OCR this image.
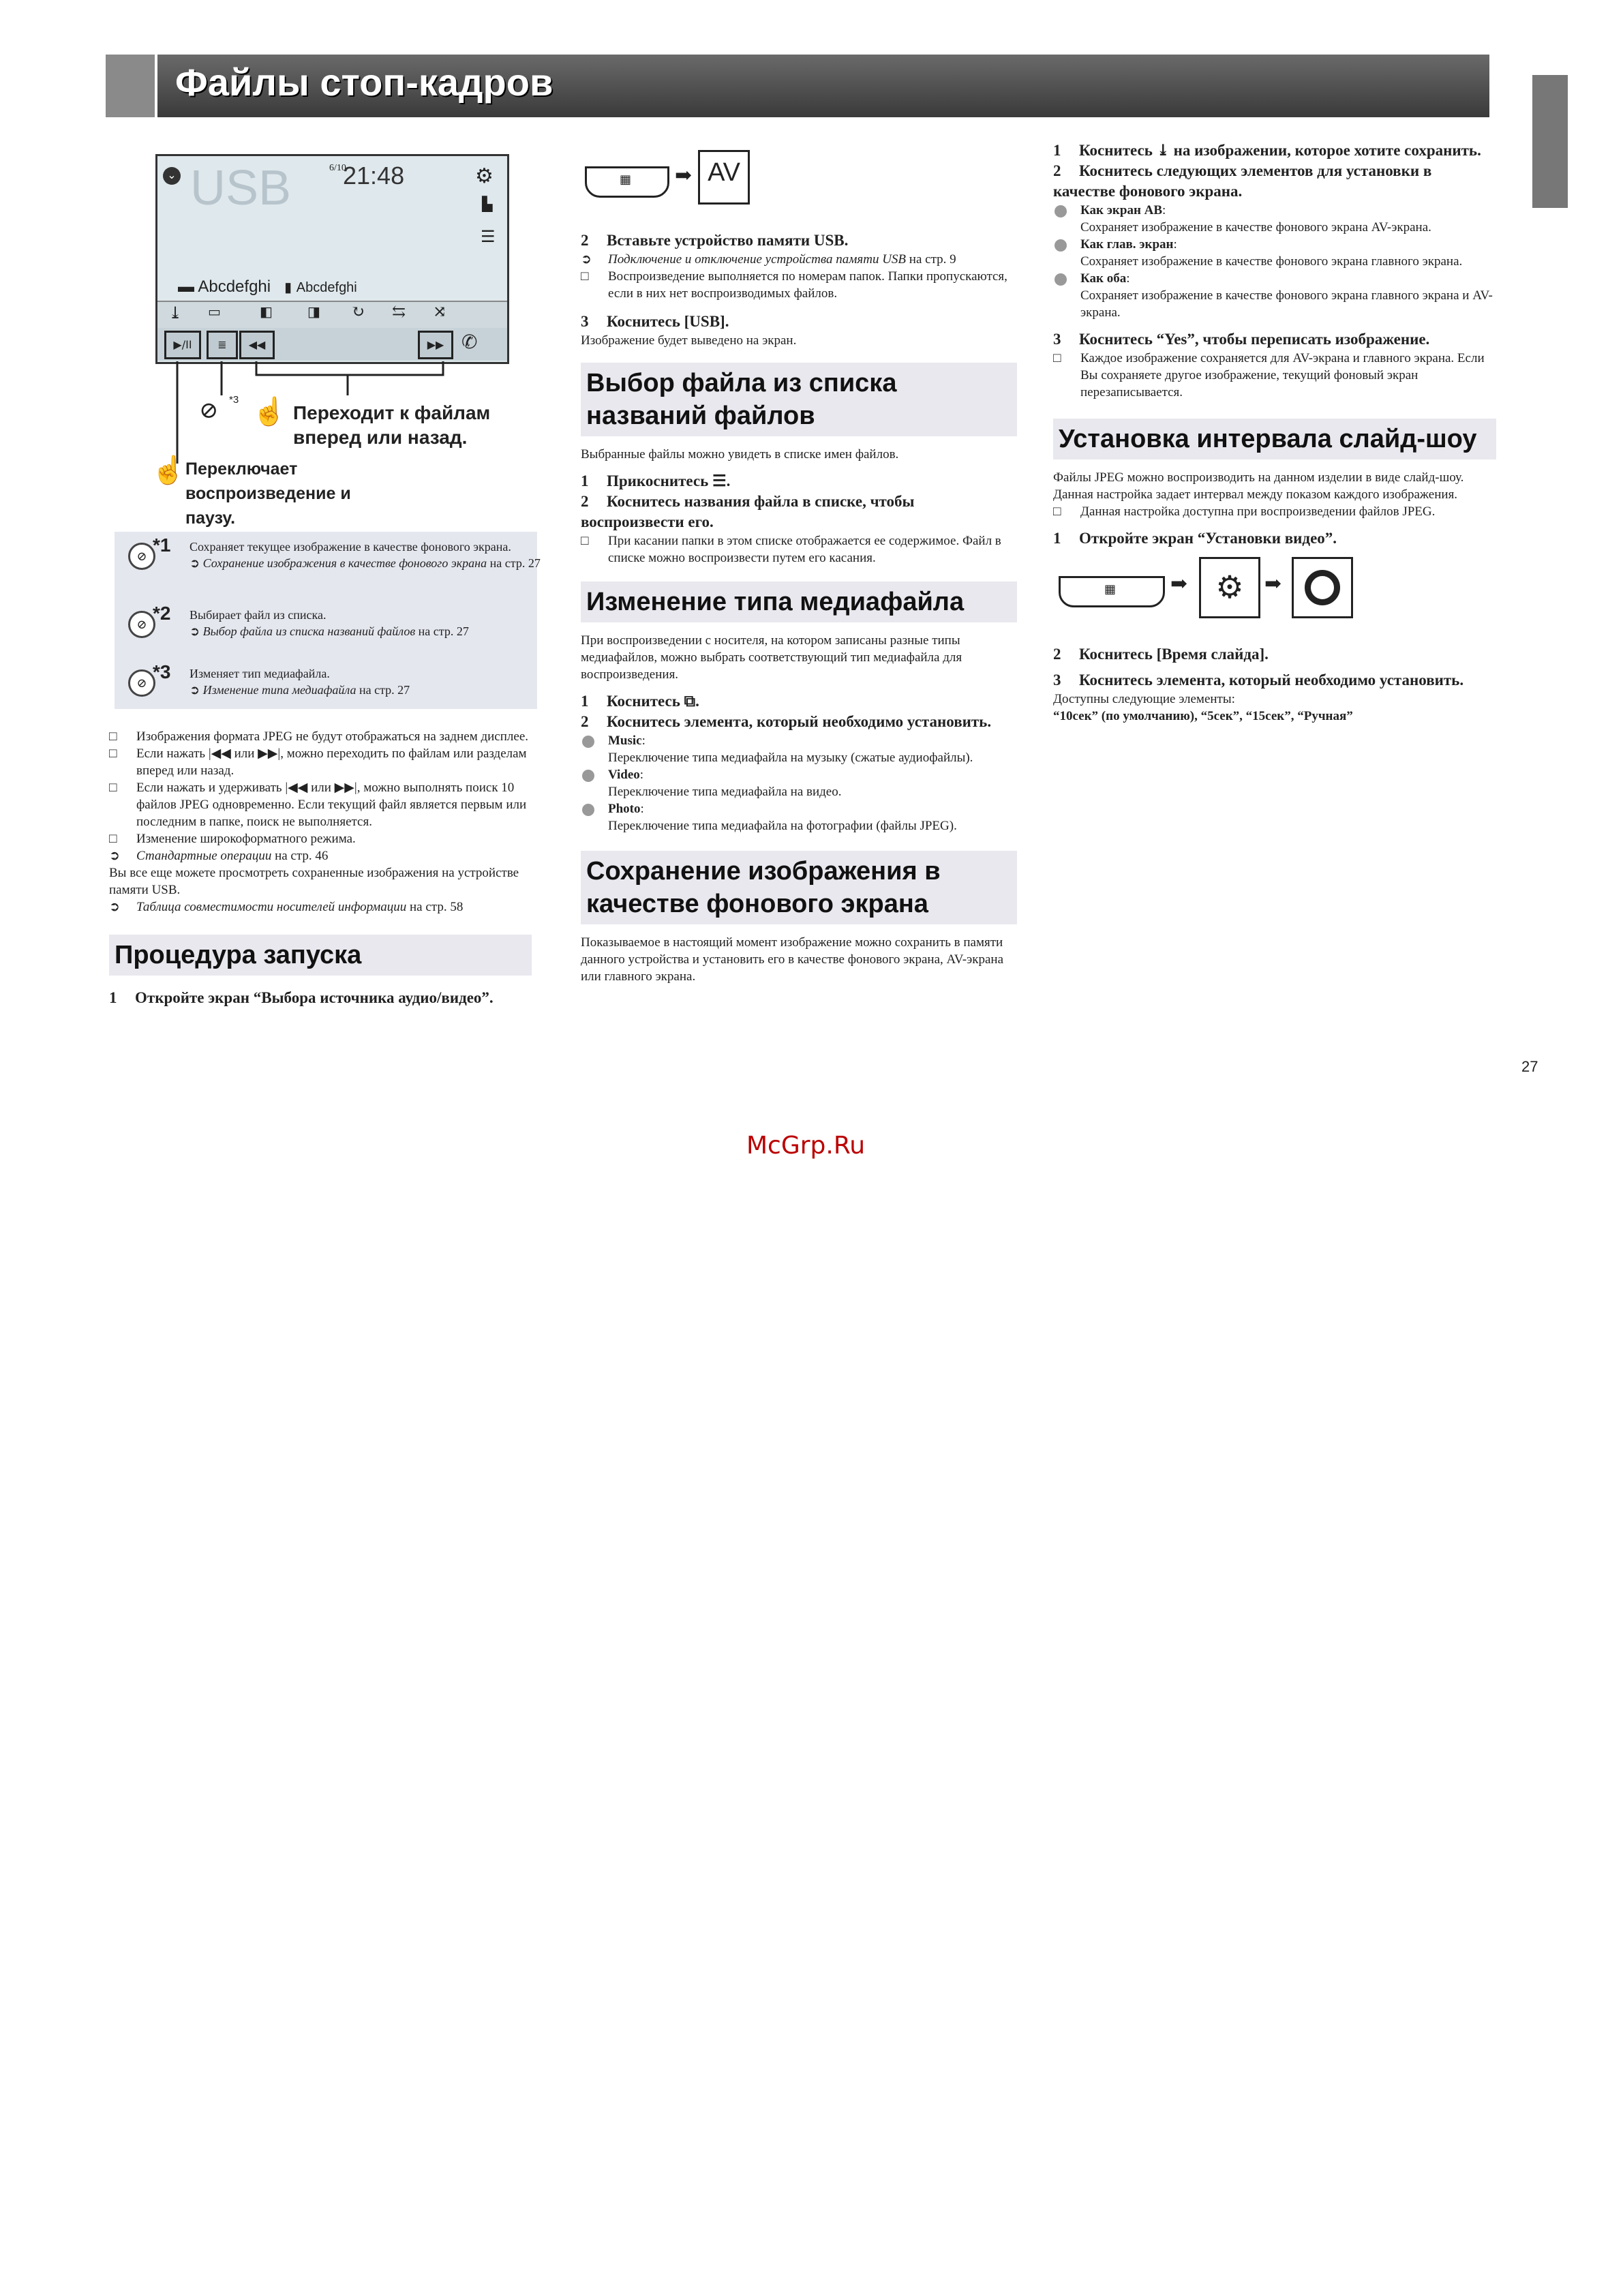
Файлы стоп-кадров
⌄ USB	6/10
21:48	⚙
▙
☰
▬ Abcdefghi ▮ Abcdefghi
⤓ ▭	◧	◨ ↻ ⇆ ⤨
▶/II	≣	◀◀	▶▶ ✆
⊘ *3 ☝ Переходит к файлам вперед или назад.
☝ Переключает воспроизведение и паузу.
⊘
*1 Сохраняет текущее изображение в качестве фонового экрана.
➲ Сохранение изображения в качестве фонового экрана на стр. 27
⊘
*2 Выбирает файл из списка.
➲ Выбор файла из списка названий файлов на стр. 27
⊘
*3 Изменяет тип медиафайла.
➲ Изменение типа медиафайла на стр. 27

□ Изображения формата JPEG не будут отображаться на заднем дисплее.

□ Если нажать |◀◀ или ▶▶|, можно переходить по файлам или разделам вперед или назад.

□ Если нажать и удерживать |◀◀ или ▶▶|, можно выполнять поиск 10 файлов JPEG одновременно. Если текущий файл является первым или последним в папке, поиск не выполняется.

□ Изменение широкоформатного режима.

➲ Стандартные операции на стр. 46

Вы все еще можете просмотреть сохраненные изображения на устройстве памяти USB.

➲ Таблица совместимости носителей информации на стр. 58

Процедура запуска

1 Откройте экран “Выбора источника аудио/видео”.

▦ ➡ AV

2 Вставьте устройство памяти USB.

➲ Подключение и отключение устройства памяти USB на стр. 9

□ Воспроизведение выполняется по номерам папок. Папки пропускаются, если в них нет воспроизводимых файлов.

3 Коснитесь [USB].

Изображение будет выведено на экран.

Выбор файла из списка названий файлов

Выбранные файлы можно увидеть в списке имен файлов.

1 Прикоснитесь ☰.

2 Коснитесь названия файла в списке, чтобы воспроизвести его.

□ При касании папки в этом списке отображается ее содержимое. Файл в списке можно воспроизвести путем его касания.

Изменение типа медиафайла

При воспроизведении с носителя, на котором записаны разные типы медиафайлов, можно выбрать соответствующий тип медиафайла для воспроизведения.

1 Коснитесь ⧉.

2 Коснитесь элемента, который необходимо установить.

Music:
Переключение типа медиафайла на музыку (сжатые аудиофайлы).

Video:
Переключение типа медиафайла на видео.

Photo:
Переключение типа медиафайла на фотографии (файлы JPEG).

Сохранение изображения в качестве фонового экрана

Показываемое в настоящий момент изображение можно сохранить в памяти данного устройства и установить его в качестве фонового экрана, AV-экрана или главного экрана.

1 Коснитесь ⤓ на изображении, которое хотите сохранить.

2 Коснитесь следующих элементов для установки в качестве фонового экрана.

Как экран AB:
Сохраняет изображение в качестве фонового экрана AV-экрана.

Как глав. экран:
Сохраняет изображение в качестве фонового экрана главного экрана.

Как оба:
Сохраняет изображение в качестве фонового экрана главного экрана и AV-экрана.

3 Коснитесь “Yes”, чтобы переписать изображение.

□ Каждое изображение сохраняется для AV-экрана и главного экрана. Если Вы сохраняете другое изображение, текущий фоновый экран перезаписывается.

Установка интервала слайд-шоу

Файлы JPEG можно воспроизводить на данном изделии в виде слайд-шоу. Данная настройка задает интервал между показом каждого изображения.

□ Данная настройка доступна при воспроизведении файлов JPEG.

1 Откройте экран “Установки видео”.

▦	➡ ⚙	➡

2 Коснитесь [Время слайда].

3 Коснитесь элемента, который необходимо установить.

Доступны следующие элементы:

“10сек” (по умолчанию), “5сек”, “15сек”, “Ручная”

27
McGrp.Ru
